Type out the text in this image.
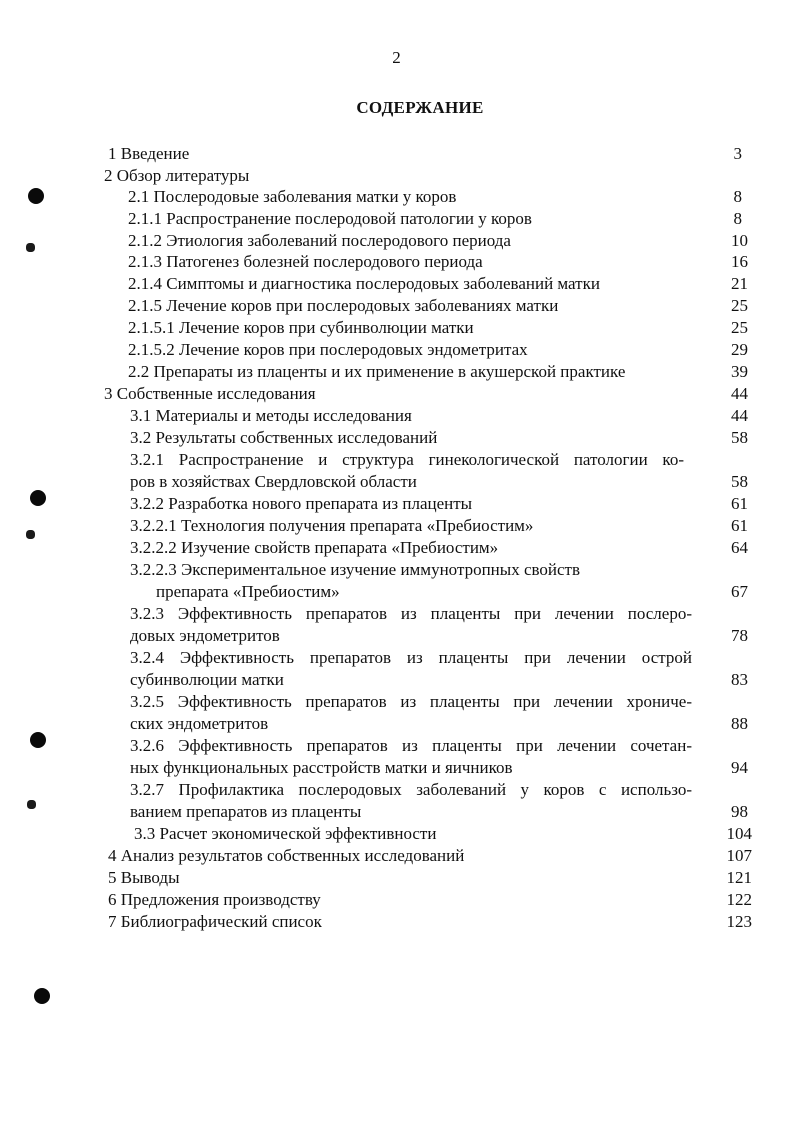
2
СОДЕРЖАНИЕ
1 Введение	3
2 Обзор литературы
2.1 Послеродовые заболевания матки у коров	8
2.1.1 Распространение послеродовой патологии у коров	8
2.1.2 Этиология заболеваний послеродового периода	10
2.1.3 Патогенез болезней послеродового периода	16
2.1.4 Симптомы и диагностика послеродовых заболеваний матки	21
2.1.5 Лечение коров при послеродовых заболеваниях матки	25
2.1.5.1 Лечение коров при субинволюции матки	25
2.1.5.2 Лечение коров при послеродовых эндометритах	29
2.2 Препараты из плаценты и их применение в акушерской практике	39
3 Собственные исследования	44
3.1 Материалы и методы исследования	44
3.2 Результаты собственных исследований	58
3.2.1 Распространение и структура гинекологической патологии ко-
ров в хозяйствах Свердловской области	58
3.2.2 Разработка нового препарата из плаценты	61
3.2.2.1 Технология получения препарата «Пребиостим»	61
3.2.2.2 Изучение свойств препарата «Пребиостим»	64
3.2.2.3 Экспериментальное изучение иммунотропных свойств
препарата «Пребиостим»	67
3.2.3 Эффективность препаратов из плаценты при лечении послеро-
довых эндометритов	78
3.2.4 Эффективность препаратов из плаценты при лечении острой
субинволюции матки	83
3.2.5 Эффективность препаратов из плаценты при лечении хрониче-
ских эндометритов	88
3.2.6 Эффективность препаратов из плаценты при лечении сочетан-
ных функциональных расстройств матки и яичников	94
3.2.7 Профилактика послеродовых заболеваний у коров с использо-
ванием препаратов из плаценты	98
3.3 Расчет экономической эффективности	104
4 Анализ результатов собственных исследований	107
5 Выводы	121
6 Предложения производству	122
7 Библиографический список	123
